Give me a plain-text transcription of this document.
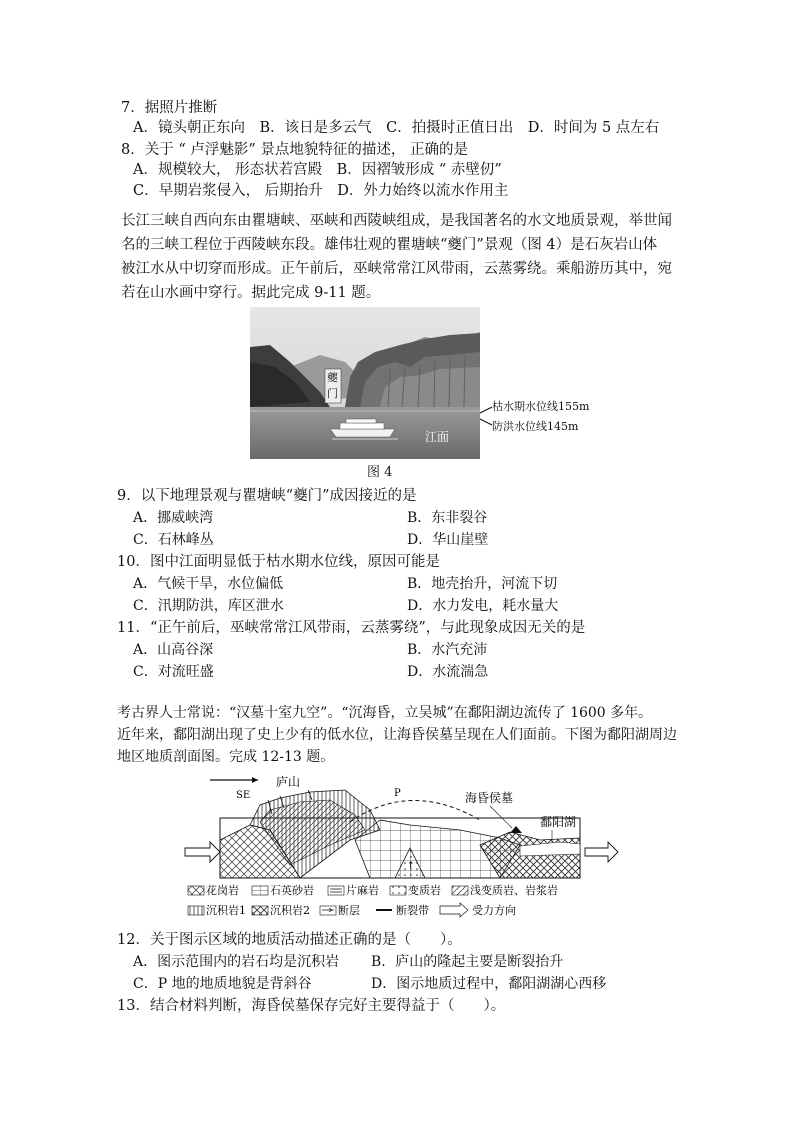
7．据照片推断
A．镜头朝正东向　B．该日是多云气　C．拍摄时正值日出　D．时间为 5 点左右
8．关于 “ 卢浮魅影” 景点地貌特征的描述， 正确的是
A．规模较大， 形态状若宫殿　B．因褶皱形成 “ 赤壁仞”
C．早期岩浆侵入， 后期抬升　D．外力始终以流水作用主
长江三峡自西向东由瞿塘峡、巫峡和西陵峡组成，是我国著名的水文地质景观，举世闻
名的三峡工程位于西陵峡东段。雄伟壮观的瞿塘峡“夔门”景观（图 4）是石灰岩山体
被江水从中切穿而形成。正午前后，巫峡常常江风带雨，云蒸雾绕。乘船游历其中，宛
若在山水画中穿行。据此完成 9-11 题。
夔门
江面
枯水期水位线155m
防洪水位线145m
图 4
9．以下地理景观与瞿塘峡“夔门”成因接近的是
A．挪威峡湾	B．东非裂谷
C．石林峰丛	D．华山崖壁
10．图中江面明显低于枯水期水位线，原因可能是
A．气候干旱，水位偏低	B．地壳抬升，河流下切
C．汛期防洪，库区泄水	D．水力发电，耗水量大
11．“正午前后，巫峡常常江风带雨，云蒸雾绕”，与此现象成因无关的是
A．山高谷深	B．水汽充沛
C．对流旺盛	D．水流湍急
考古界人士常说：“汉墓十室九空”。“沉海昏，立吴城”在鄱阳湖边流传了 1600 多年。
近年来，鄱阳湖出现了史上少有的低水位，让海昏侯墓呈现在人们面前。下图为鄱阳湖周边
地区地质剖面图。完成 12-13 题。
SE
庐山
P	海昏侯墓
鄱阳湖
↑
花岗岩	石英砂岩	片麻岩	变质岩	浅变质岩、岩浆岩
沉积岩1 沉积岩2	断层	断裂带	受力方向
12．关于图示区域的地质活动描述正确的是（　　）。
A．图示范围内的岩石均是沉积岩 B．庐山的隆起主要是断裂抬升
C．P 地的地质地貌是背斜谷	D．图示地质过程中，鄱阳湖湖心西移
13．结合材料判断，海昏侯墓保存完好主要得益于（　　）。
